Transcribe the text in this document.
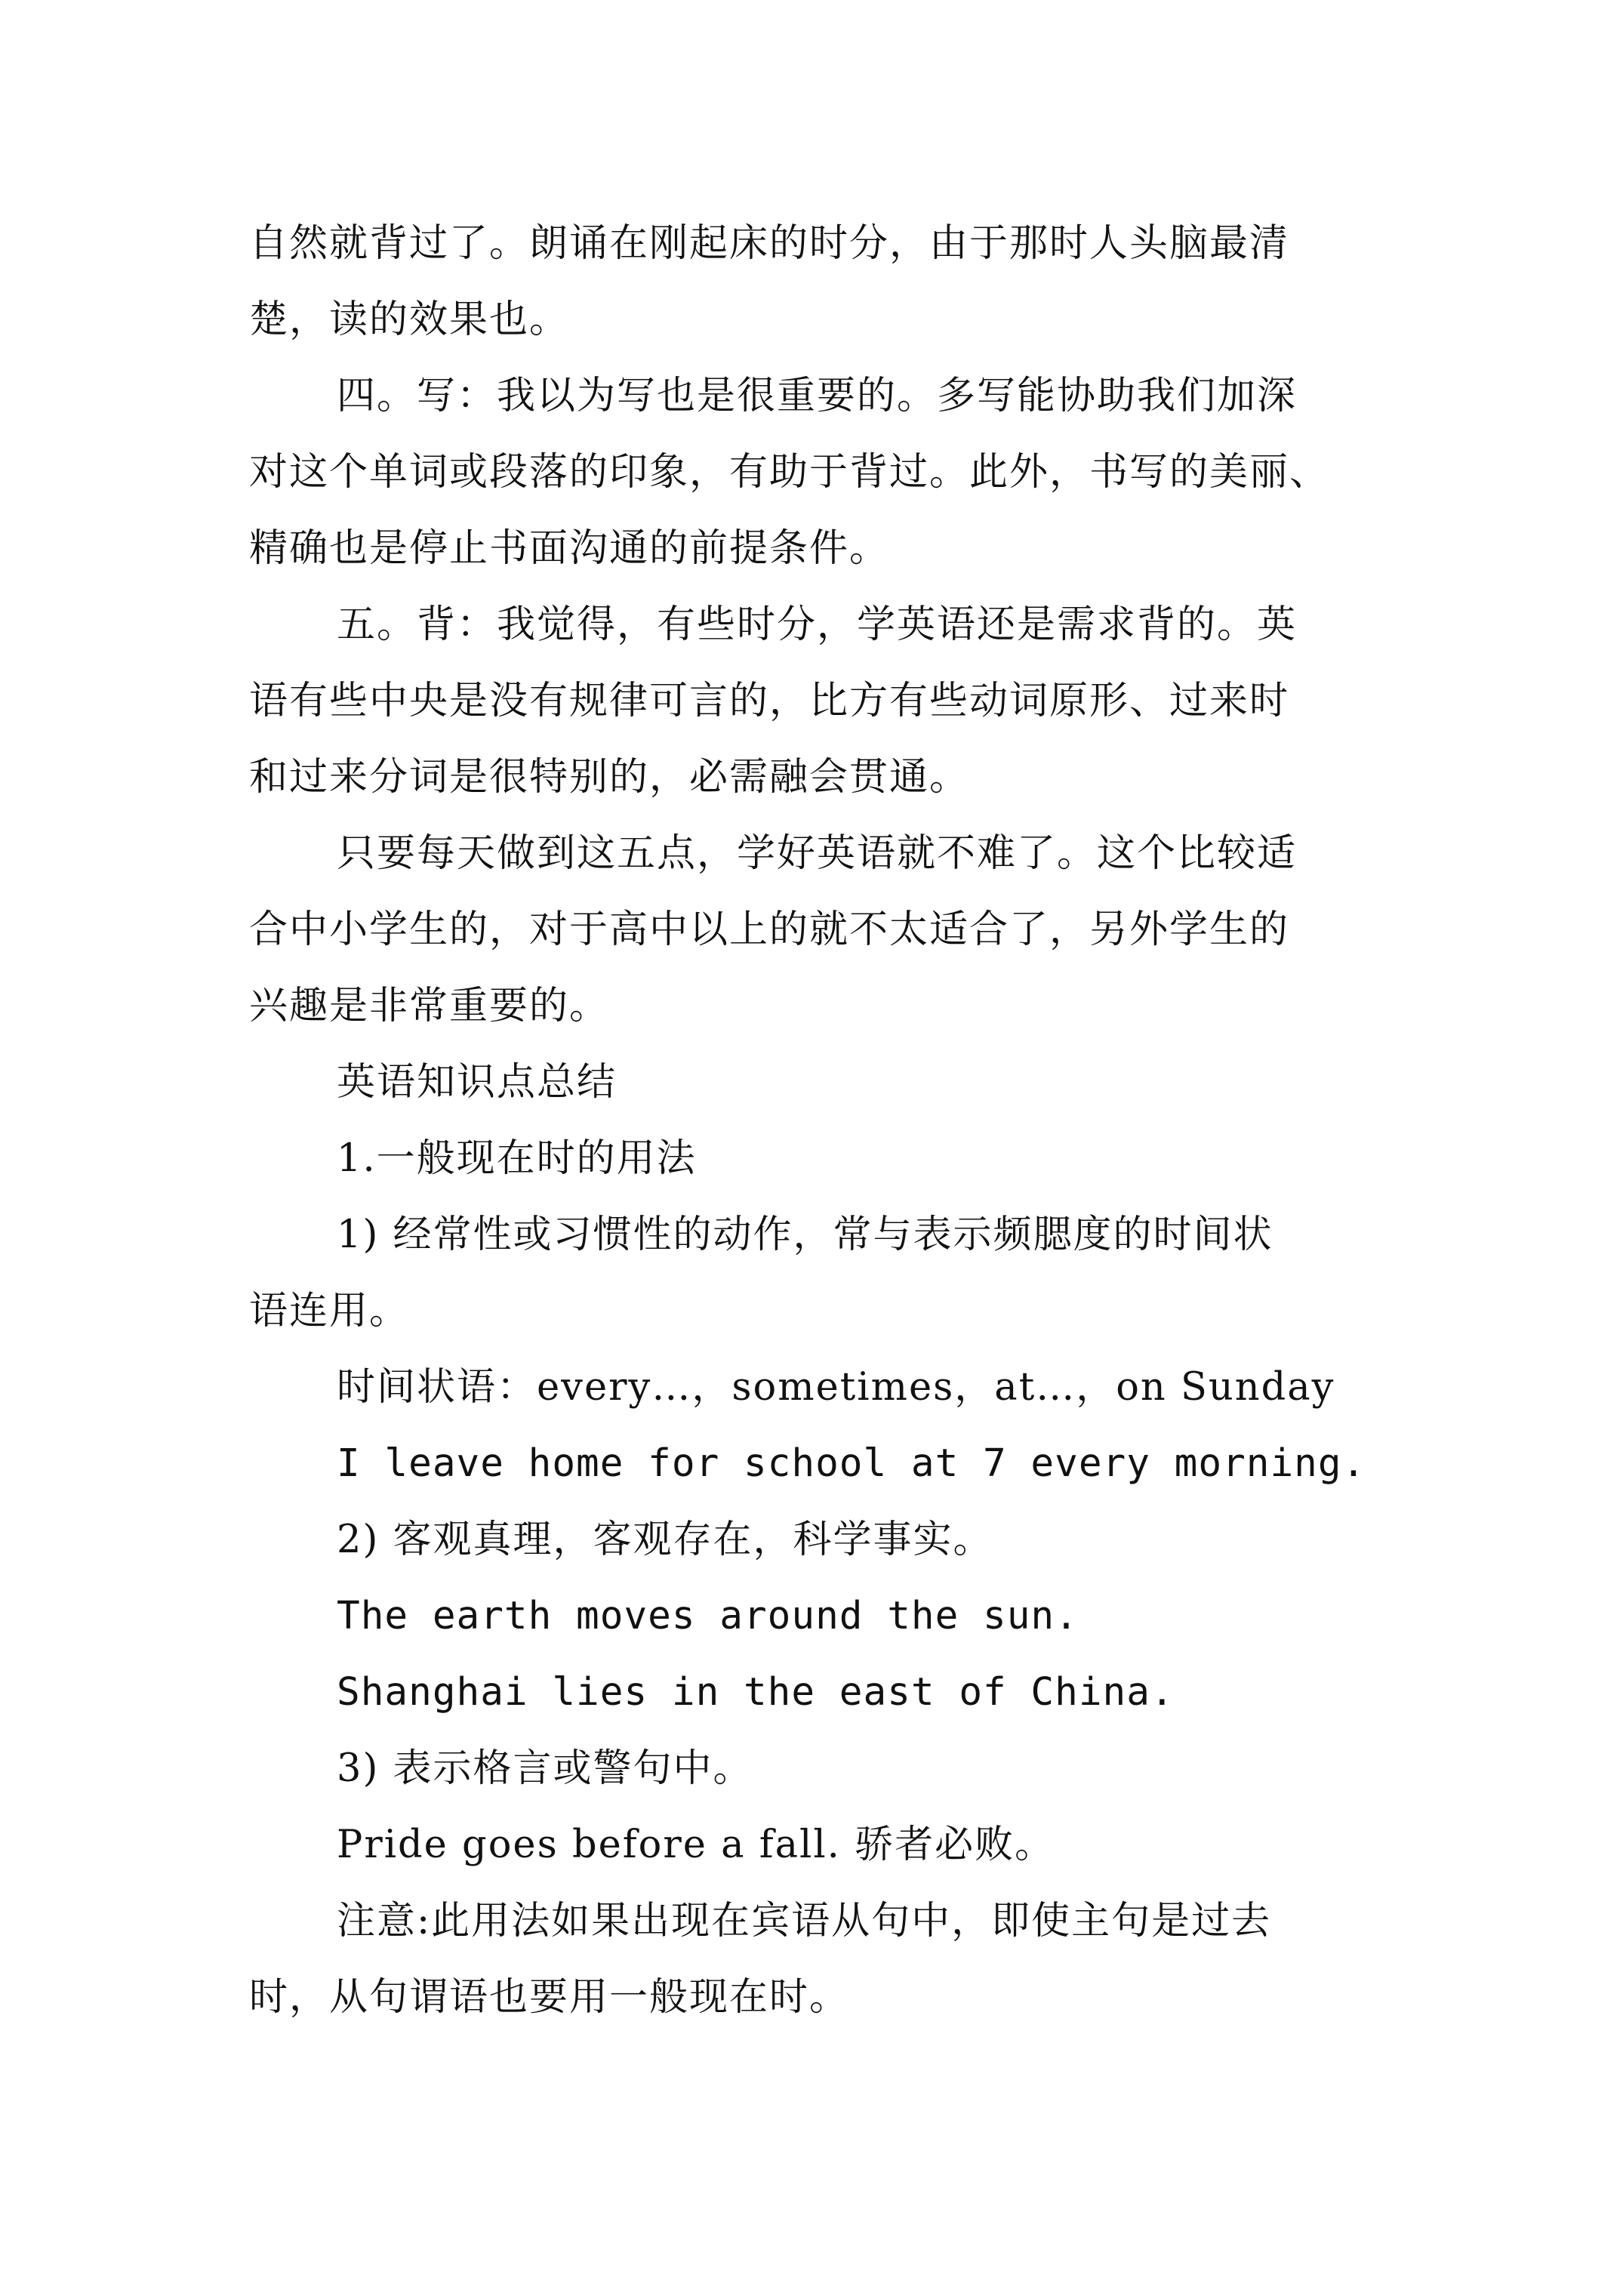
自然就背过了。朗诵在刚起床的时分，由于那时人头脑最清

楚，读的效果也。

四。写：我以为写也是很重要的。多写能协助我们加深

对这个单词或段落的印象，有助于背过。此外，书写的美丽、

精确也是停止书面沟通的前提条件。

五。背：我觉得，有些时分，学英语还是需求背的。英

语有些中央是没有规律可言的，比方有些动词原形、过来时

和过来分词是很特别的，必需融会贯通。

只要每天做到这五点，学好英语就不难了。这个比较适

合中小学生的，对于高中以上的就不太适合了，另外学生的

兴趣是非常重要的。

英语知识点总结

1.一般现在时的用法

1) 经常性或习惯性的动作，常与表示频腮度的时间状

语连用。

时间状语：every…，sometimes，at…，on Sunday

I leave home for school at 7 every morning.

2) 客观真理，客观存在，科学事实。

The earth moves around the sun.

Shanghai lies in the east of China.

3) 表示格言或警句中。

Pride goes before a fall. 骄者必败。

注意:此用法如果出现在宾语从句中，即使主句是过去

时，从句谓语也要用一般现在时。
